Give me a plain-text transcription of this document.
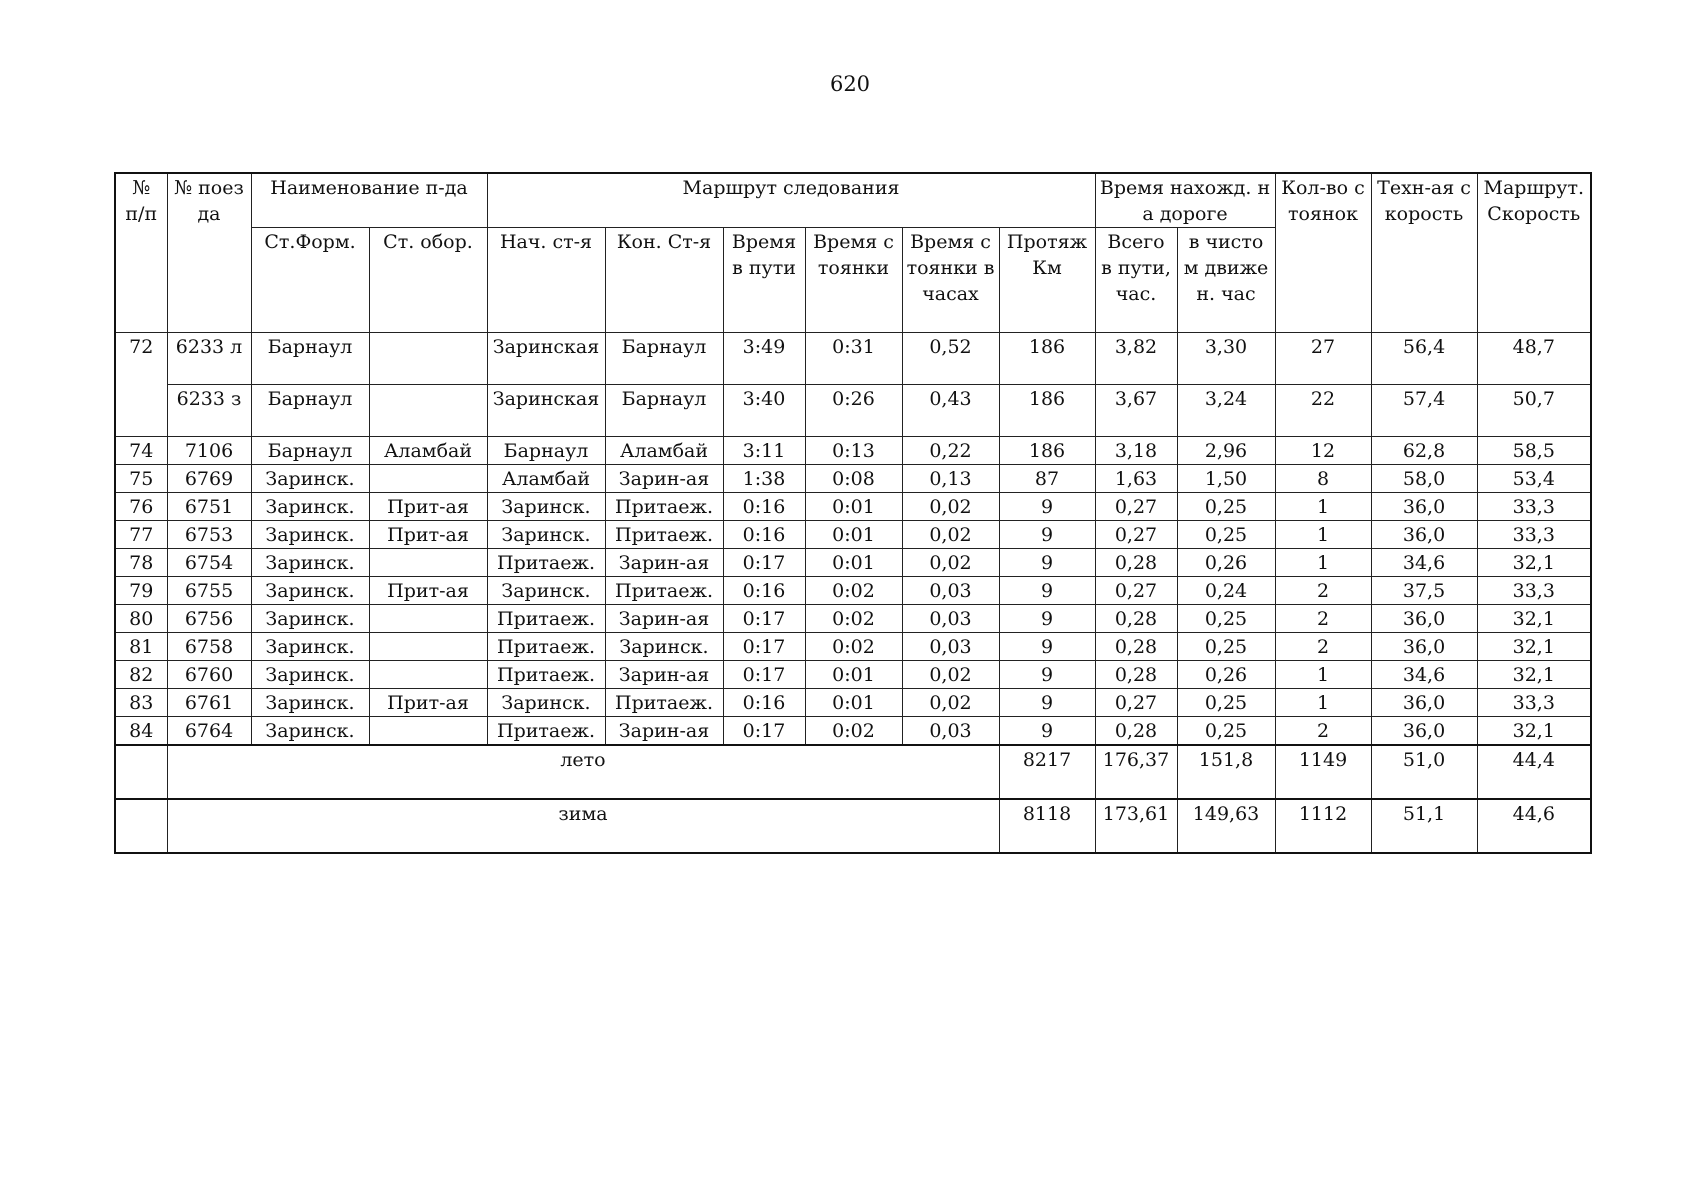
620
№ п/п	№ поезда	Наименование п-да		Маршрут следования						Время нахожд. на дороге		Кол-во стоянок	Техн-ая скорость	Маршрут. Скорость
		Ст.Форм.	Ст. обор.	Нач. ст-я	Кон. Ст-я	Время в пути	Время стоянки	Время стоянки в часах	Протяж Км	Всего в пути, час.	в чистом движен. час			
72	6233 л	Барнаул		Заринская	Барнаул	3:49	0:31	0,52	186	3,82	3,30	27	56,4	48,7
	6233 з	Барнаул		Заринская	Барнаул	3:40	0:26	0,43	186	3,67	3,24	22	57,4	50,7
74	7106	Барнаул	Аламбай	Барнаул	Аламбай	3:11	0:13	0,22	186	3,18	2,96	12	62,8	58,5
75	6769	Заринск.		Аламбай	Зарин-ая	1:38	0:08	0,13	87	1,63	1,50	8	58,0	53,4
76	6751	Заринск.	Прит-ая	Заринск.	Притаеж.	0:16	0:01	0,02	9	0,27	0,25	1	36,0	33,3
77	6753	Заринск.	Прит-ая	Заринск.	Притаеж.	0:16	0:01	0,02	9	0,27	0,25	1	36,0	33,3
78	6754	Заринск.		Притаеж.	Зарин-ая	0:17	0:01	0,02	9	0,28	0,26	1	34,6	32,1
79	6755	Заринск.	Прит-ая	Заринск.	Притаеж.	0:16	0:02	0,03	9	0,27	0,24	2	37,5	33,3
80	6756	Заринск.		Притаеж.	Зарин-ая	0:17	0:02	0,03	9	0,28	0,25	2	36,0	32,1
81	6758	Заринск.		Притаеж.	Заринск.	0:17	0:02	0,03	9	0,28	0,25	2	36,0	32,1
82	6760	Заринск.		Притаеж.	Зарин-ая	0:17	0:01	0,02	9	0,28	0,26	1	34,6	32,1
83	6761	Заринск.	Прит-ая	Заринск.	Притаеж.	0:16	0:01	0,02	9	0,27	0,25	1	36,0	33,3
84	6764	Заринск.		Притаеж.	Зарин-ая	0:17	0:02	0,03	9	0,28	0,25	2	36,0	32,1
	лето								8217	176,37	151,8	1149	51,0	44,4
	зима								8118	173,61	149,63	1112	51,1	44,6
